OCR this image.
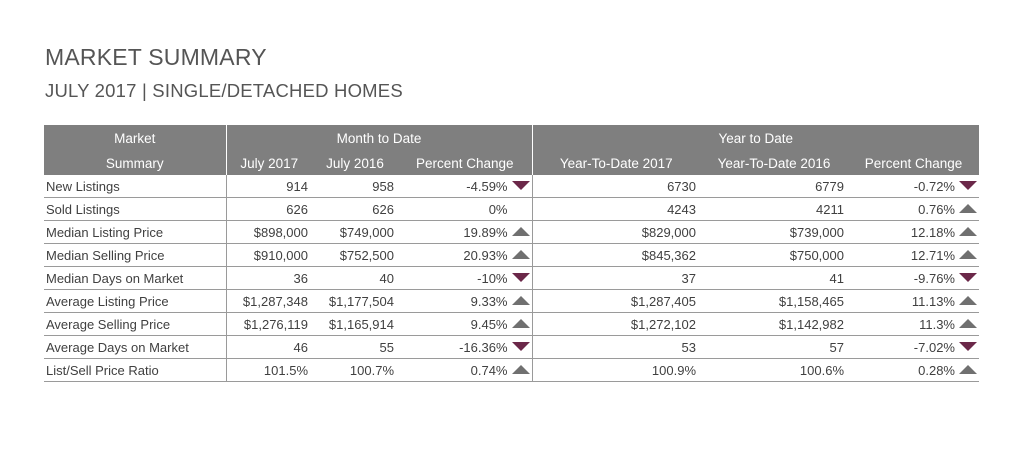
MARKET SUMMARY
JULY 2017 | SINGLE/DETACHED HOMES
Market	Month to Date			Year to Date		
Summary	July 2017	July 2016	Percent Change	Year-To-Date 2017	Year-To-Date 2016	Percent Change
New Listings	914	958	-4.59%	6730	6779	-0.72%
Sold Listings	626	626	0%	4243	4211	0.76%
Median Listing Price	$898,000	$749,000	19.89%	$829,000	$739,000	12.18%
Median Selling Price	$910,000	$752,500	20.93%	$845,362	$750,000	12.71%
Median Days on Market	36	40	-10%	37	41	-9.76%
Average Listing Price	$1,287,348	$1,177,504	9.33%	$1,287,405	$1,158,465	11.13%
Average Selling Price	$1,276,119	$1,165,914	9.45%	$1,272,102	$1,142,982	11.3%
Average Days on Market	46	55	-16.36%	53	57	-7.02%
List/Sell Price Ratio	101.5%	100.7%	0.74%	100.9%	100.6%	0.28%
